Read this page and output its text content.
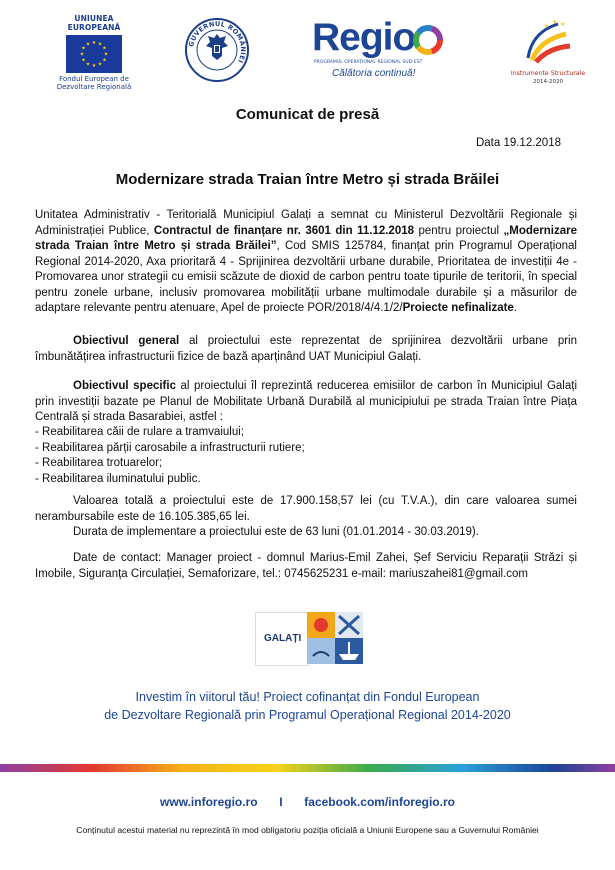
UNIUNEA EUROPEANĂ
★ ★
★
★
★
★
★
★
★
★
★
★
Fondul European de
Dezvoltare Regională
GUVERNUL ROMÂNIEI
Regio
PROGRAMUL OPERAȚIONAL REGIONAL SUD-EST
Călătoria continuă!
★
★ ★
Instrumente Structurale
2014-2020
Comunicat de presă
Data 19.12.2018
Modernizare strada Traian între Metro și strada Brăilei

Unitatea Administrativ - Teritorială Municipiul Galați a semnat cu Ministerul Dezvoltării Regionale și Administrației Publice, Contractul de finanțare nr. 3601 din 11.12.2018 pentru proiectul „Modernizare strada Traian între Metro și strada Brăilei”, Cod SMIS 125784, finanțat prin Programul Operațional Regional 2014-2020, Axa prioritară 4 - Sprijinirea dezvoltării urbane durabile, Prioritatea de investiții 4e - Promovarea unor strategii cu emisii scăzute de dioxid de carbon pentru toate tipurile de teritorii, în special pentru zonele urbane, inclusiv promovarea mobilității urbane multimodale durabile și a măsurilor de adaptare relevante pentru atenuare, Apel de proiecte POR/2018/4/4.1/2/Proiecte nefinalizate.

Obiectivul general al proiectului este reprezentat de sprijinirea dezvoltării urbane prin îmbunătățirea infrastructurii fizice de bază aparținând UAT Municipiul Galați.

Obiectivul specific al proiectului îl reprezintă reducerea emisiilor de carbon în Municipiul Galați prin investiții bazate pe Planul de Mobilitate Urbană Durabilă al municipiului pe strada Traian între Piața Centrală și strada Basarabiei, astfel :

- Reabilitarea căii de rulare a tramvaiului;
- Reabilitarea părții carosabile a infrastructurii rutiere;
- Reabilitarea trotuarelor;
- Reabilitarea iluminatului public.

Valoarea totală a proiectului este de 17.900.158,57 lei (cu T.V.A.), din care valoarea sumei nerambursabile este de 16.105.385,65 lei.

Durata de implementare a proiectului este de 63 luni (01.01.2014 - 30.03.2019).

Date de contact: Manager proiect - domnul Marius-Emil Zahei, Șef Serviciu Reparații Străzi și Imobile, Siguranța Circulației, Semaforizare, tel.: 0745625231 e-mail: mariuszahei81@gmail.com

GALAȚI
Investim în viitorul tău! Proiect cofinanțat din Fondul European
de Dezvoltare Regională prin Programul Operațional Regional 2014-2020
www.inforegio.ro I facebook.com/inforegio.ro
Conținutul acestui material nu reprezintă în mod obligatoriu poziția oficială a Uniunii Europene sau a Guvernului României
